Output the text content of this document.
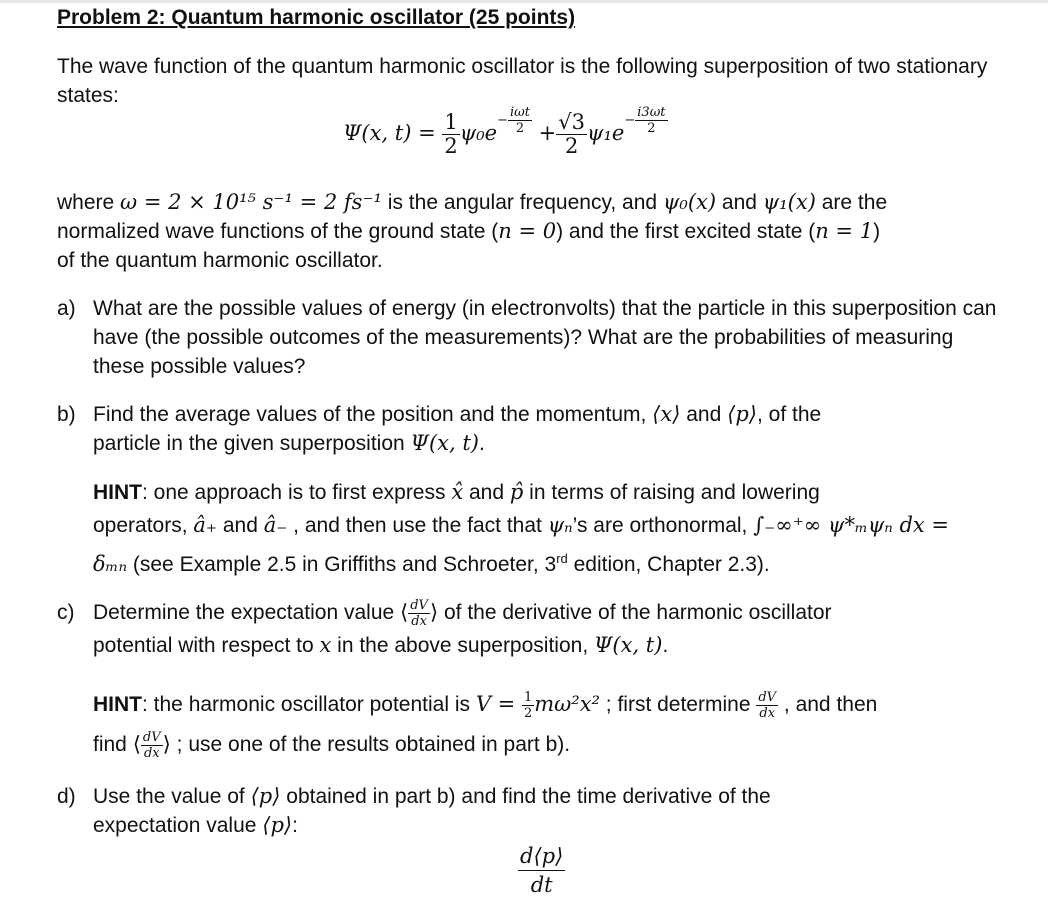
Problem 2: Quantum harmonic oscillator (25 points)
The wave function of the quantum harmonic oscillator is the following superposition of two stationary states:
Ψ(x, $t) = \frac{1}{2} \psi_0e^{- \frac{\text{iωt}}{2}} + \frac{√3}{2} \psi_1e^{- \frac{i3\omega t}{2}}$
where ω = 2 × 10¹⁵ s⁻¹ = 2 fs⁻¹ is the angular frequency, and ψ₀(x) and ψ₁(x) are the
normalized wave functions of the ground state (n = 0) and the first excited state (n = 1)
of the quantum harmonic oscillator.
a) What are the possible values of energy (in electronvolts) that the particle in this superposition can have (the possible outcomes of the measurements)? What are the probabilities of measuring these possible values?
b) Find the average values of the position and the momentum, ⟨x⟩ and ⟨p⟩, of the
particle in the given superposition Ψ(x, t).
HINT: one approach is to first express x̂ and p̂ in terms of raising and lowering
operators, â₊ and â₋ , and then use the fact that ψₙ’s are orthonormal, ∫₋∞⁺∞ ψ*ₘψₙ dx =
δₘₙ (see Example 2.5 in Griffiths and Schroeter, 3rd edition, Chapter 2.3).
c) Determine the expectation value ⟨ $\frac{dV}{dx}$ ⟩ of the derivative of the harmonic oscillator
potential with respect to x in the above superposition, Ψ(x, t).
HINT: the harmonic oscillator potential is $V = \frac{1}{2} m\omega^2x^2$ ; first determine $\frac{dV}{dx}$ , and then
find ⟨ $\frac{dV}{dx}$ ⟩ ; use one of the results obtained in part b).
d) Use the value of ⟨p⟩ obtained in part b) and find the time derivative of the
expectation value ⟨p⟩:
$\frac{d⟨p⟩}{dt}$
